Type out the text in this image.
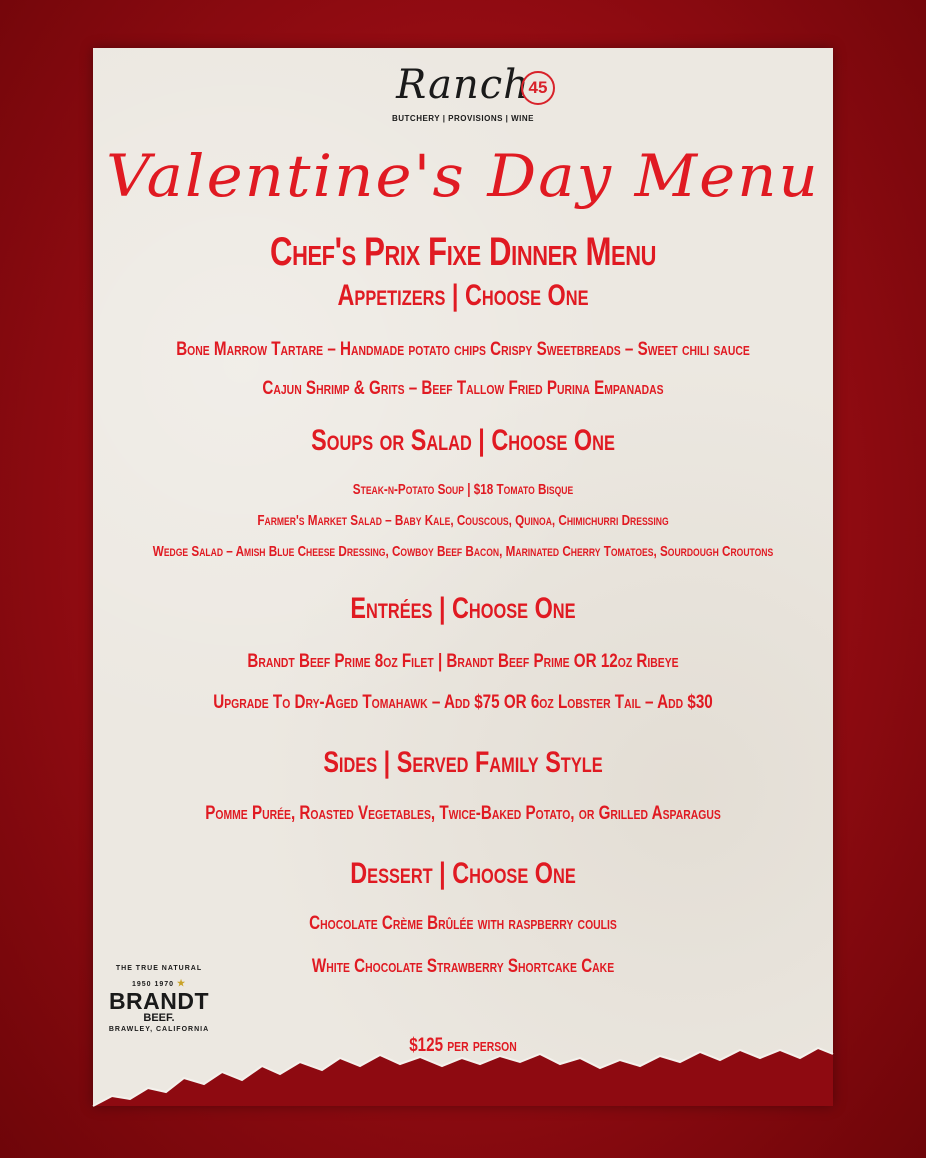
Ranch
45
BUTCHERY | PROVISIONS | WINE
Valentine's Day Menu
Chef's Prix Fixe Dinner Menu
Appetizers | Choose One
Bone Marrow Tartare – Handmade potato chips Crispy Sweetbreads – Sweet chili sauce
Cajun Shrimp & Grits – Beef Tallow Fried Purina Empanadas
Soups or Salad | Choose One
Steak-n-Potato Soup | $18 Tomato Bisque
Farmer's Market Salad – Baby Kale, Couscous, Quinoa, Chimichurri Dressing
Wedge Salad – Amish Blue Cheese Dressing, Cowboy Beef Bacon, Marinated Cherry Tomatoes, Sourdough Croutons
Entrées | Choose One
Brandt Beef Prime 8oz Filet | Brandt Beef Prime OR 12oz Ribeye
Upgrade To Dry-Aged Tomahawk – Add $75 OR 6oz Lobster Tail – Add $30
Sides | Served Family Style
Pomme Purée, Roasted Vegetables, Twice-Baked Potato, or Grilled Asparagus
Dessert | Choose One
Chocolate Crème Brûlée with raspberry coulis
White Chocolate Strawberry Shortcake Cake
$125 per person
THE TRUE NATURAL
1950 1970 ★
BRANDT
BEEF.
BRAWLEY, CALIFORNIA
